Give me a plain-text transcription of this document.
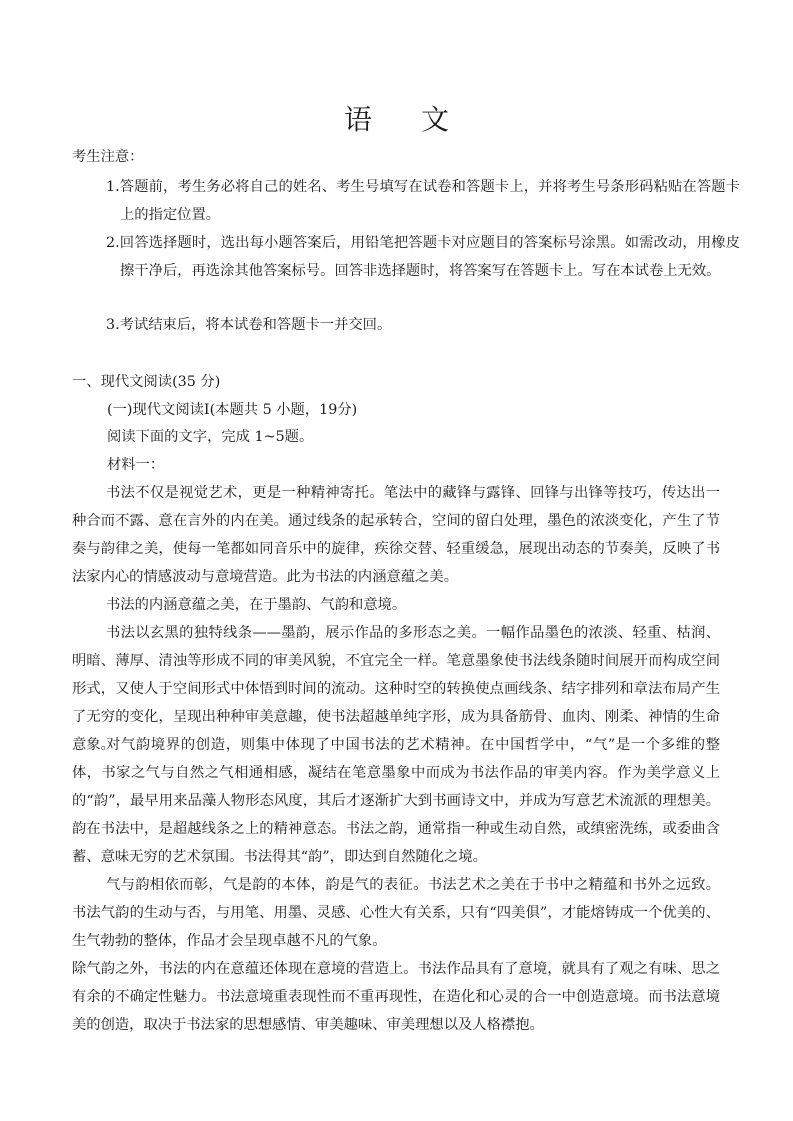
语 文
考生注意：
1.答题前，考生务必将自己的姓名、考生号填写在试卷和答题卡上，并将考生号条形码粘贴在答题卡上的指定位置。
2.回答选择题时，选出每小题答案后，用铅笔把答题卡对应题目的答案标号涂黑。如需改动，用橡皮擦干净后，再选涂其他答案标号。回答非选择题时，将答案写在答题卡上。写在本试卷上无效。
3.考试结束后，将本试卷和答题卡一并交回。
一、现代文阅读(35 分)
(一)现代文阅读Ⅰ(本题共 5 小题，19分)
阅读下面的文字，完成 1~5题。
材料一：
书法不仅是视觉艺术，更是一种精神寄托。笔法中的藏锋与露锋、回锋与出锋等技巧，传达出一种合而不露、意在言外的内在美。通过线条的起承转合，空间的留白处理，墨色的浓淡变化，产生了节奏与韵律之美，使每一笔都如同音乐中的旋律，疾徐交替、轻重缓急，展现出动态的节奏美，反映了书法家内心的情感波动与意境营造。此为书法的内涵意蕴之美。
书法的内涵意蕴之美，在于墨韵、气韵和意境。
书法以玄黑的独特线条——墨韵，展示作品的多形态之美。一幅作品墨色的浓淡、轻重、枯润、明暗、薄厚、清浊等形成不同的审美风貌，不宜完全一样。笔意墨象使书法线条随时间展开而构成空间形式，又使人于空间形式中体悟到时间的流动。这种时空的转换使点画线条、结字排列和章法布局产生了无穷的变化，呈现出种种审美意趣，使书法超越单纯字形，成为具备筋骨、血肉、刚柔、神情的生命意象。
对气韵境界的创造，则集中体现了中国书法的艺术精神。在中国哲学中，“气”是一个多维的整体，书家之气与自然之气相通相感，凝结在笔意墨象中而成为书法作品的审美内容。作为美学意义上的“韵”，最早用来品藻人物形态风度，其后才逐渐扩大到书画诗文中，并成为写意艺术流派的理想美。韵在书法中，是超越线条之上的精神意态。书法之韵，通常指一种或生动自然，或缜密洗练，或委曲含蓄、意味无穷的艺术氛围。书法得其“韵”，即达到自然随化之境。
气与韵相依而彰，气是韵的本体，韵是气的表征。书法艺术之美在于书中之精蕴和书外之远致。书法气韵的生动与否，与用笔、用墨、灵感、心性大有关系，只有“四美俱”，才能熔铸成一个优美的、生气勃勃的整体，作品才会呈现卓越不凡的气象。
除气韵之外，书法的内在意蕴还体现在意境的营造上。书法作品具有了意境，就具有了观之有味、思之有余的不确定性魅力。书法意境重表现性而不重再现性，在造化和心灵的合一中创造意境。而书法意境美的创造，取决于书法家的思想感情、审美趣味、审美理想以及人格襟抱。
